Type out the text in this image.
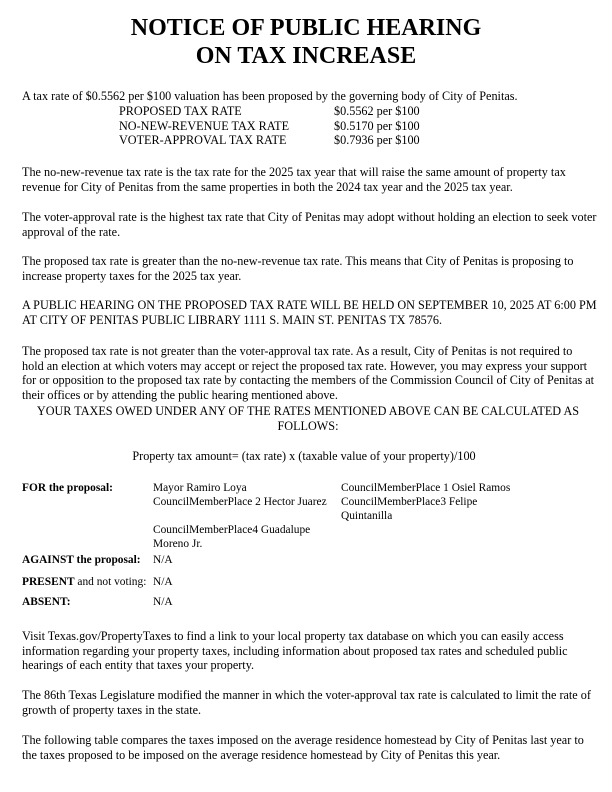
NOTICE OF PUBLIC HEARING
ON TAX INCREASE
A tax rate of $0.5562 per $100 valuation has been proposed by the governing body of City of Penitas.
PROPOSED TAX RATE	$0.5562 per $100
NO-NEW-REVENUE TAX RATE	$0.5170 per $100
VOTER-APPROVAL TAX RATE	$0.7936 per $100
The no-new-revenue tax rate is the tax rate for the 2025 tax year that will raise the same amount of property tax revenue for City of Penitas from the same properties in both the 2024 tax year and the 2025 tax year.
The voter-approval rate is the highest tax rate that City of Penitas may adopt without holding an election to seek voter approval of the rate.
The proposed tax rate is greater than the no-new-revenue tax rate. This means that City of Penitas is proposing to increase property taxes for the 2025 tax year.
A PUBLIC HEARING ON THE PROPOSED TAX RATE WILL BE HELD ON SEPTEMBER 10, 2025 AT 6:00 PM AT CITY OF PENITAS PUBLIC LIBRARY 1111 S. MAIN ST. PENITAS TX 78576.
The proposed tax rate is not greater than the voter-approval tax rate. As a result, City of Penitas is not required to hold an election at which voters may accept or reject the proposed tax rate. However, you may express your support for or opposition to the proposed tax rate by contacting the members of the Commission Council of City of Penitas at their offices or by attending the public hearing mentioned above.
YOUR TAXES OWED UNDER ANY OF THE RATES MENTIONED ABOVE CAN BE CALCULATED AS FOLLOWS:
Property tax amount= (tax rate) x (taxable value of your property)/100
FOR the proposal:	Mayor Ramiro Loya
CouncilMemberPlace 2 Hector Juarez
CouncilMemberPlace4 Guadalupe
Moreno Jr.
CouncilMemberPlace 1 Osiel Ramos
CouncilMemberPlace3 Felipe
Quintanilla
AGAINST the proposal: N/A
PRESENT and not voting: N/A
ABSENT:	N/A
Visit Texas.gov/PropertyTaxes to find a link to your local property tax database on which you can easily access information regarding your property taxes, including information about proposed tax rates and scheduled public hearings of each entity that taxes your property.
The 86th Texas Legislature modified the manner in which the voter-approval tax rate is calculated to limit the rate of growth of property taxes in the state.
The following table compares the taxes imposed on the average residence homestead by City of Penitas last year to the taxes proposed to be imposed on the average residence homestead by City of Penitas this year.
